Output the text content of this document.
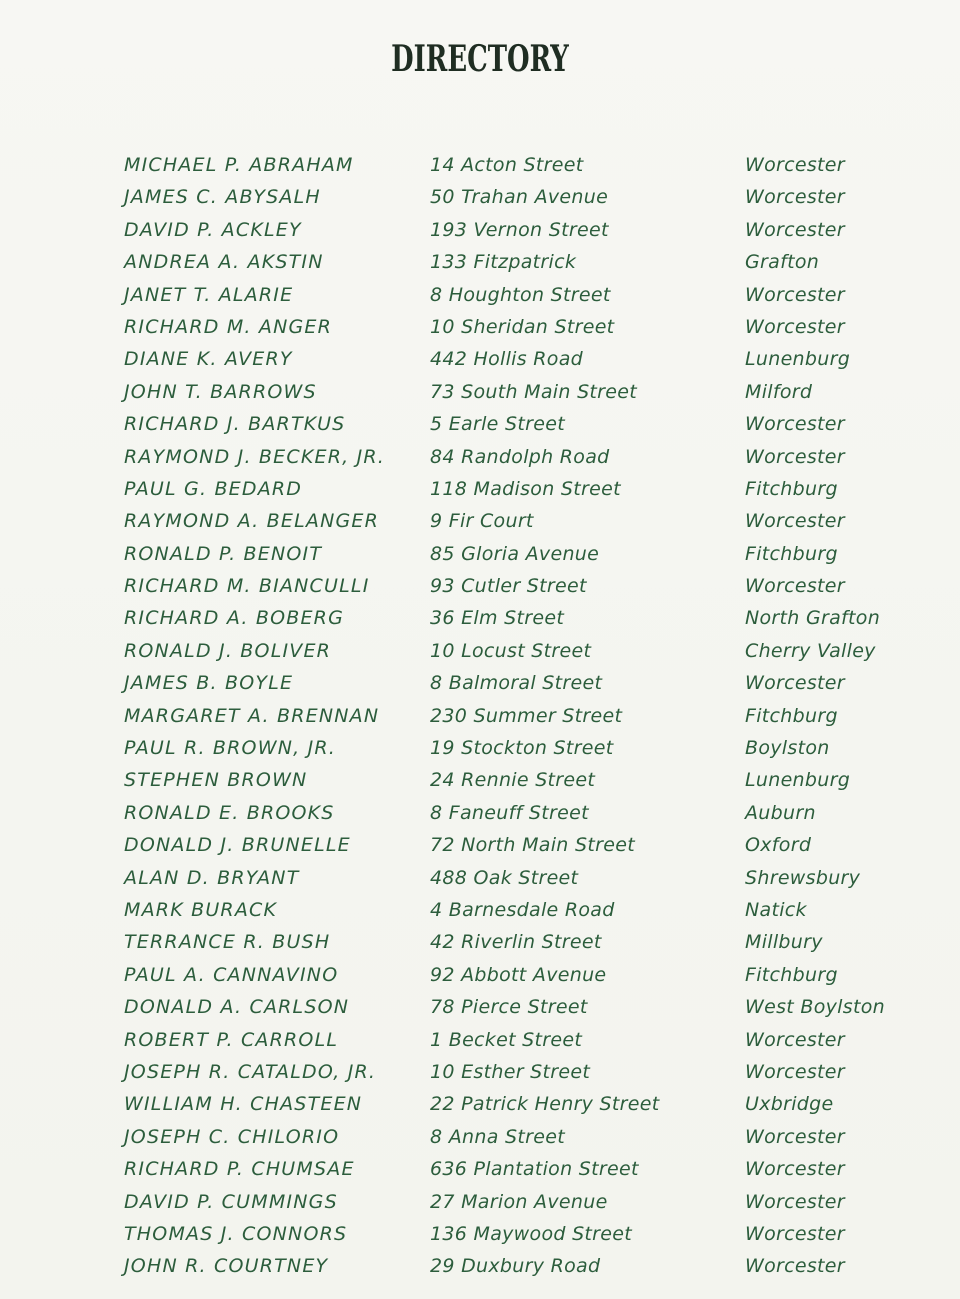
DIRECTORY
MICHAEL P. ABRAHAM	14 Acton Street	Worcester
JAMES C. ABYSALH	50 Trahan Avenue	Worcester
DAVID P. ACKLEY	193 Vernon Street	Worcester
ANDREA A. AKSTIN	133 Fitzpatrick	Grafton
JANET T. ALARIE	8 Houghton Street	Worcester
RICHARD M. ANGER	10 Sheridan Street	Worcester
DIANE K. AVERY	442 Hollis Road	Lunenburg
JOHN T. BARROWS	73 South Main Street	Milford
RICHARD J. BARTKUS	5 Earle Street	Worcester
RAYMOND J. BECKER, JR. 84 Randolph Road	Worcester
PAUL G. BEDARD	118 Madison Street	Fitchburg
RAYMOND A. BELANGER	9 Fir Court	Worcester
RONALD P. BENOIT	85 Gloria Avenue	Fitchburg
RICHARD M. BIANCULLI	93 Cutler Street	Worcester
RICHARD A. BOBERG	36 Elm Street	North Grafton
RONALD J. BOLIVER	10 Locust Street	Cherry Valley
JAMES B. BOYLE	8 Balmoral Street	Worcester
MARGARET A. BRENNAN	230 Summer Street	Fitchburg
PAUL R. BROWN, JR.	19 Stockton Street	Boylston
STEPHEN BROWN	24 Rennie Street	Lunenburg
RONALD E. BROOKS	8 Faneuff Street	Auburn
DONALD J. BRUNELLE	72 North Main Street	Oxford
ALAN D. BRYANT	488 Oak Street	Shrewsbury
MARK BURACK	4 Barnesdale Road	Natick
TERRANCE R. BUSH	42 Riverlin Street	Millbury
PAUL A. CANNAVINO	92 Abbott Avenue	Fitchburg
DONALD A. CARLSON	78 Pierce Street	West Boylston
ROBERT P. CARROLL	1 Becket Street	Worcester
JOSEPH R. CATALDO, JR.	10 Esther Street	Worcester
WILLIAM H. CHASTEEN	22 Patrick Henry Street	Uxbridge
JOSEPH C. CHILORIO	8 Anna Street	Worcester
RICHARD P. CHUMSAE	636 Plantation Street	Worcester
DAVID P. CUMMINGS	27 Marion Avenue	Worcester
THOMAS J. CONNORS	136 Maywood Street	Worcester
JOHN R. COURTNEY	29 Duxbury Road	Worcester
